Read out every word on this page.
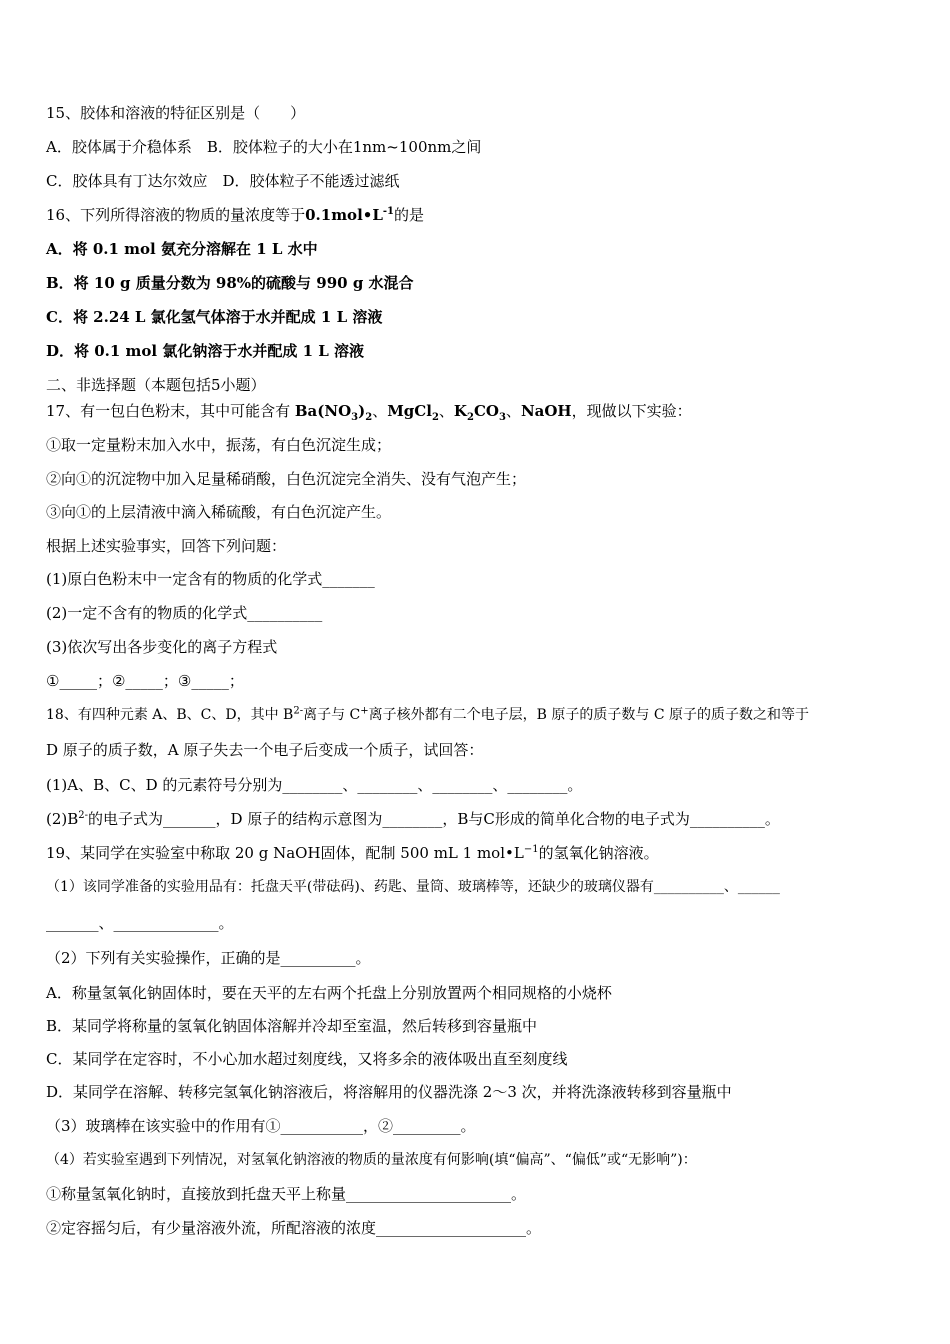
15、胶体和溶液的特征区别是（　　）
A．胶体属于介稳体系　B．胶体粒子的大小在1nm~100nm之间
C．胶体具有丁达尔效应　D．胶体粒子不能透过滤纸
16、下列所得溶液的物质的量浓度等于$0.1mol•L^{-1}$的是
A．将 0.1 mol 氨充分溶解在 1 L 水中
B．将 10 g 质量分数为 98%的硫酸与 990 g 水混合
C．将 2.24 L 氯化氢气体溶于水并配成 1 L 溶液
D．将 0.1 mol 氯化钠溶于水并配成 1 L 溶液
二、非选择题（本题包括5小题）
17、有一包白色粉末，其中可能含有 $Ba(NO_3)_2$、MgCl$_2$、$K_2CO_3$、NaOH，现做以下实验：
①取一定量粉末加入水中，振荡，有白色沉淀生成；
②向①的沉淀物中加入足量稀硝酸，白色沉淀完全消失、没有气泡产生；
③向①的上层清液中滴入稀硫酸，有白色沉淀产生。
根据上述实验事实，回答下列问题：
(1)原白色粉末中一定含有的物质的化学式_______
(2)一定不含有的物质的化学式__________
(3)依次写出各步变化的离子方程式
①_____；②_____；③_____；
18、有四种元素 A、B、C、D，其中 $B^{2-}$离子与 C+离子核外都有二个电子层，B 原子的质子数与 C 原子的质子数之和等于
D 原子的质子数，A 原子失去一个电子后变成一个质子，试回答：
(1)A、B、C、D 的元素符号分别为________、________、________、________。
$(2)B^{2-}$的电子式为_______，D 原子的结构示意图为________，B与C形成的简单化合物的电子式为__________。
19、某同学在实验室中称取 20 g NaOH固体，配制 500 mL 1 $mol•L^{-1}$的氢氧化钠溶液。
（1）该同学准备的实验用品有：托盘天平(带砝码)、药匙、量筒、玻璃棒等，还缺少的玻璃仪器有__________、______
_______、______________。
（2）下列有关实验操作，正确的是__________。
A．称量氢氧化钠固体时，要在天平的左右两个托盘上分别放置两个相同规格的小烧杯
B．某同学将称量的氢氧化钠固体溶解并冷却至室温，然后转移到容量瓶中
C．某同学在定容时，不小心加水超过刻度线，又将多余的液体吸出直至刻度线
D．某同学在溶解、转移完氢氧化钠溶液后，将溶解用的仪器洗涤 2～3 次，并将洗涤液转移到容量瓶中
（3）玻璃棒在该实验中的作用有①___________，②_________。
（4）若实验室遇到下列情况，对氢氧化钠溶液的物质的量浓度有何影响(填“偏高”、“偏低”或“无影响”)：
①称量氢氧化钠时，直接放到托盘天平上称量______________________。
②定容摇匀后，有少量溶液外流，所配溶液的浓度____________________。
